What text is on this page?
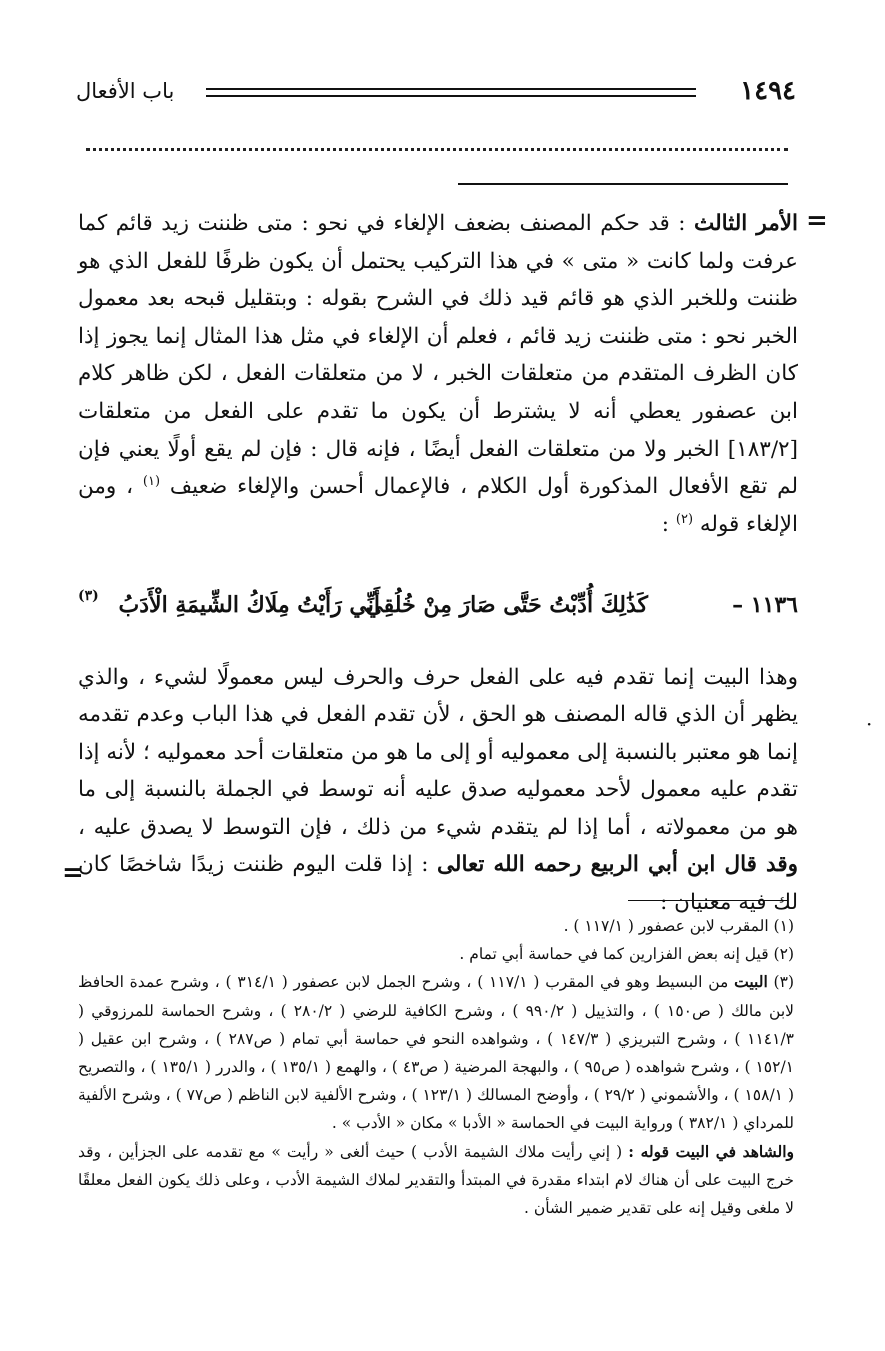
١٤٩٤
باب الأفعال
=

الأمر الثالث : قد حكم المصنف بضعف الإلغاء في نحو : متى ظننت زيد قائم كما عرفت ولما كانت « متى » في هذا التركيب يحتمل أن يكون ظرفًا للفعل الذي هو ظننت وللخبر الذي هو قائم قيد ذلك في الشرح بقوله : وبتقليل قبحه بعد معمول الخبر نحو : متى ظننت زيد قائم ، فعلم أن الإلغاء في مثل هذا المثال إنما يجوز إذا كان الظرف المتقدم من متعلقات الخبر ، لا من متعلقات الفعل ، لكن ظاهر كلام ابن عصفور يعطي أنه لا يشترط أن يكون ما تقدم على الفعل من متعلقات [١٨٣/٢] الخبر ولا من متعلقات الفعل أيضًا ، فإنه قال : فإن لم يقع أولًا يعني فإن لم تقع الأفعال المذكورة أول الكلام ، فالإعمال أحسن والإلغاء ضعيف $^{(١)}$ ، ومن الإلغاء قوله $^{(٢)}$ :

١١٣٦ –
كَذَٰلِكَ أُدِّبْتُ حَتَّى صَارَ مِنْ خُلُقِي
أَنِّي رَأَيْتُ مِلَاكُ الشِّيمَةِ الْأَدَبُ
(٣)

وهذا البيت إنما تقدم فيه على الفعل حرف والحرف ليس معمولًا لشيء ، والذي يظهر أن الذي قاله المصنف هو الحق ، لأن تقدم الفعل في هذا الباب وعدم تقدمه إنما هو معتبر بالنسبة إلى معموليه أو إلى ما هو من متعلقات أحد معموليه ؛ لأنه إذا تقدم عليه معمول لأحد معموليه صدق عليه أنه توسط في الجملة بالنسبة إلى ما هو من معمولاته ، أما إذا لم يتقدم شيء من ذلك ، فإن التوسط لا يصدق عليه ، وقد قال ابن أبي الربيع رحمه الله تعالى : إذا قلت اليوم ظننت زيدًا شاخصًا كان لك فيه معنيان :

=

(١) المقرب لابن عصفور ( ١١٧/١ ) .

(٢) قيل إنه بعض الفزارين كما في حماسة أبي تمام .

(٣) البيت من البسيط وهو في المقرب ( ١١٧/١ ) ، وشرح الجمل لابن عصفور ( ٣١٤/١ ) ، وشرح عمدة الحافظ لابن مالك ( ص١٥٠ ) ، والتذييل ( ٩٩٠/٢ ) ، وشرح الكافية للرضي ( ٢٨٠/٢ ) ، وشرح الحماسة للمرزوقي ( ١١٤١/٣ ) ، وشرح التبريزي ( ١٤٧/٣ ) ، وشواهده النحو في حماسة أبي تمام ( ص٢٨٧ ) ، وشرح ابن عقيل ( ١٥٢/١ ) ، وشرح شواهده ( ص٩٥ ) ، والبهجة المرضية ( ص٤٣ ) ، والهمع ( ١٣٥/١ ) ، والدرر ( ١٣٥/١ ) ، والتصريح ( ١٥٨/١ ) ، والأشموني ( ٢٩/٢ ) ، وأوضح المسالك ( ١٢٣/١ ) ، وشرح الألفية لابن الناظم ( ص٧٧ ) ، وشرح الألفية للمرداي ( ٣٨٢/١ ) ورواية البيت في الحماسة « الأدبا » مكان « الأدب » .

والشاهد في البيت قوله : ( إني رأيت ملاك الشيمة الأدب ) حيث ألغى « رأيت » مع تقدمه على الجزأين ، وقد خرج البيت على أن هناك لام ابتداء مقدرة في المبتدأ والتقدير لملاك الشيمة الأدب ، وعلى ذلك يكون الفعل معلقًا لا ملغى وقيل إنه على تقدير ضمير الشأن .

·
